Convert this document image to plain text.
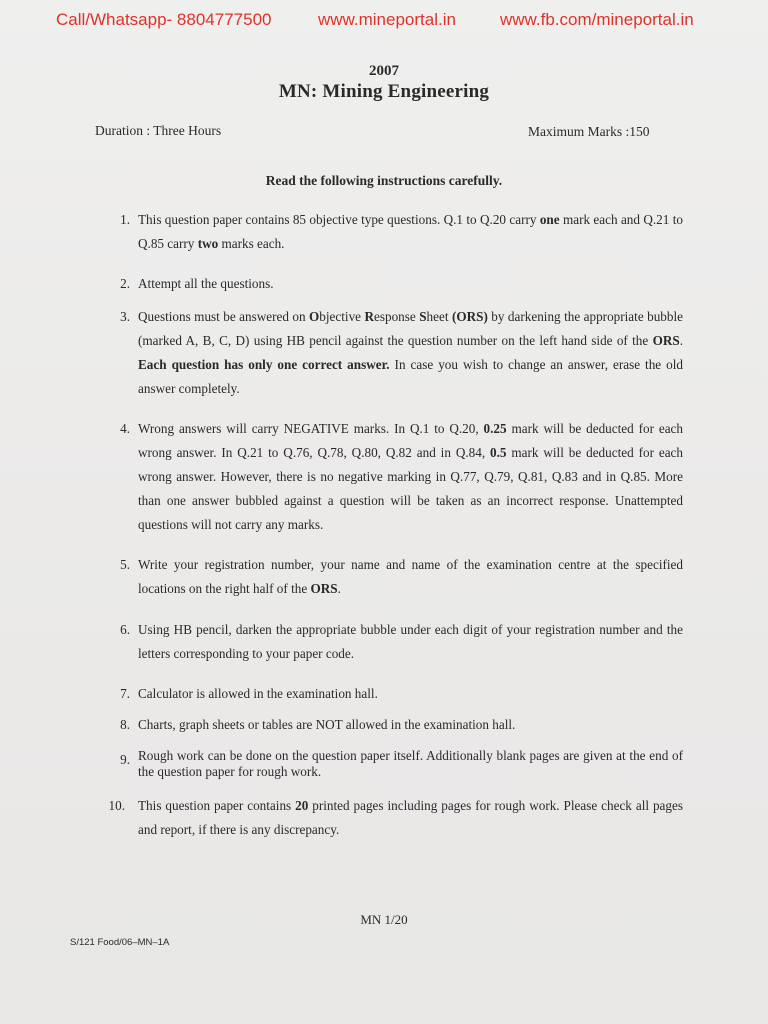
Call/Whatsapp- 8804777500	www.mineportal.in	www.fb.com/mineportal.in
2007
MN: Mining Engineering
Duration : Three Hours	Maximum Marks :150
Read the following instructions carefully.
1. This question paper contains 85 objective type questions. Q.1 to Q.20 carry one mark each and Q.21 to Q.85 carry two marks each.
2. Attempt all the questions.
3. Questions must be answered on Objective Response Sheet (ORS) by darkening the appropriate bubble (marked A, B, C, D) using HB pencil against the question number on the left hand side of the ORS. Each question has only one correct answer. In case you wish to change an answer, erase the old answer completely.
4. Wrong answers will carry NEGATIVE marks. In Q.1 to Q.20, 0.25 mark will be deducted for each wrong answer. In Q.21 to Q.76, Q.78, Q.80, Q.82 and in Q.84, 0.5 mark will be deducted for each wrong answer. However, there is no negative marking in Q.77, Q.79, Q.81, Q.83 and in Q.85. More than one answer bubbled against a question will be taken as an incorrect response. Unattempted questions will not carry any marks.
5. Write your registration number, your name and name of the examination centre at the specified locations on the right half of the ORS.
6. Using HB pencil, darken the appropriate bubble under each digit of your registration number and the letters corresponding to your paper code.
7. Calculator is allowed in the examination hall.
8. Charts, graph sheets or tables are NOT allowed in the examination hall.
9. Rough work can be done on the question paper itself. Additionally blank pages are given at the end of the question paper for rough work.
10. This question paper contains 20 printed pages including pages for rough work. Please check all pages and report, if there is any discrepancy.
MN 1/20
S/121 Food/06–MN–1A
